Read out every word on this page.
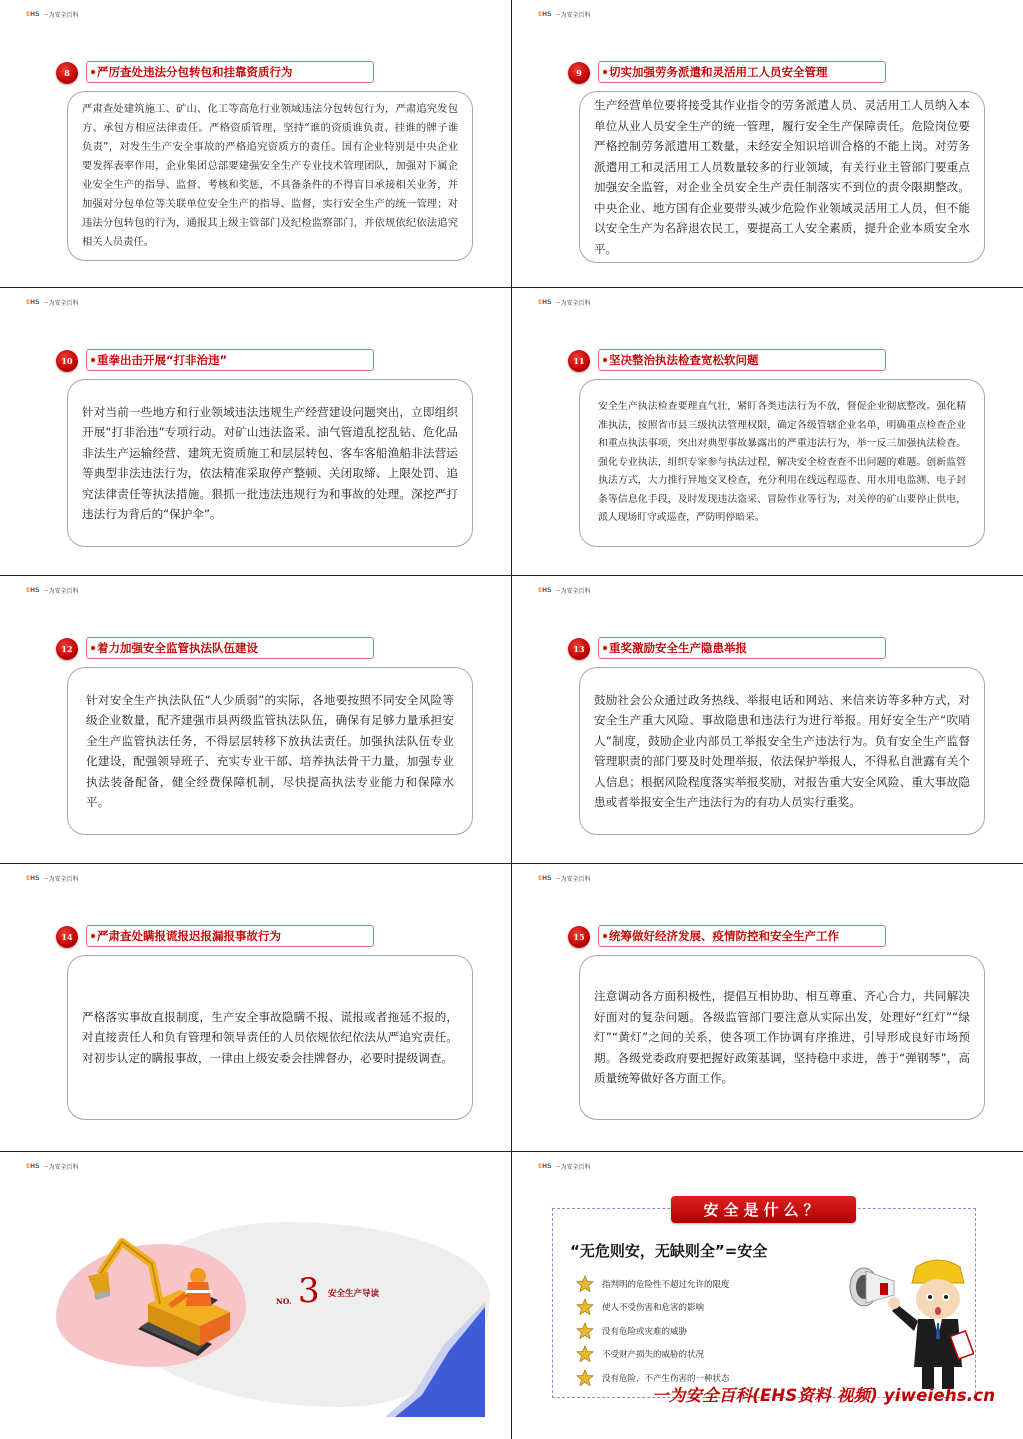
EHS 一为安全百科
8	严厉查处违法分包转包和挂靠资质行为

严肃查处建筑施工、矿山、化工等高危行业领域违法分包转包行为，严肃追究发包方、承包方相应法律责任。严格资质管理，坚持“谁的资质谁负责、挂谁的牌子谁负责”，对发生生产安全事故的严格追究资质方的责任。国有企业特别是中央企业要发挥表率作用，企业集团总部要建强安全生产专业技术管理团队，加强对下属企业安全生产的指导、监督、考核和奖惩，不具备条件的不得盲目承接相关业务，并加强对分包单位等关联单位安全生产的指导、监督，实行安全生产的统一管理；对违法分包转包的行为，通报其上级主管部门及纪检监察部门，并依规依纪依法追究相关人员责任。

EHS 一为安全百科
9	切实加强劳务派遣和灵活用工人员安全管理

生产经营单位要将接受其作业指令的劳务派遣人员、灵活用工人员纳入本单位从业人员安全生产的统一管理，履行安全生产保障责任。危险岗位要严格控制劳务派遣用工数量，未经安全知识培训合格的不能上岗。对劳务派遣用工和灵活用工人员数量较多的行业领域，有关行业主管部门要重点加强安全监管，对企业全员安全生产责任制落实不到位的责令限期整改。中央企业、地方国有企业要带头减少危险作业领域灵活用工人员，但不能以安全生产为名辞退农民工，要提高工人安全素质，提升企业本质安全水平。

EHS 一为安全百科
10	重拳出击开展“打非治违”

针对当前一些地方和行业领域违法违规生产经营建设问题突出，立即组织开展“打非治违”专项行动。对矿山违法盗采、油气管道乱挖乱钻、危化品非法生产运输经营、建筑无资质施工和层层转包、客车客船渔船非法营运等典型非法违法行为，依法精准采取停产整顿、关闭取缔、上限处罚、追究法律责任等执法措施。狠抓一批违法违规行为和事故的处理。深挖严打违法行为背后的“保护伞”。

EHS 一为安全百科
11	坚决整治执法检查宽松软问题

安全生产执法检查要理直气壮，紧盯各类违法行为不放，督促企业彻底整改。强化精准执法，按照省市县三级执法管理权限，确定各级管辖企业名单，明确重点检查企业和重点执法事项，突出对典型事故暴露出的严重违法行为，举一反三加强执法检查。强化专业执法，组织专家参与执法过程，解决安全检查查不出问题的难题。创新监管执法方式，大力推行异地交叉检查，充分利用在线远程巡查、用水用电监测、电子封条等信息化手段，及时发现违法盗采、冒险作业等行为，对关停的矿山要停止供电，派人现场盯守或巡查，严防明停暗采。

EHS 一为安全百科
12	着力加强安全监管执法队伍建设

针对安全生产执法队伍“人少质弱”的实际，各地要按照不同安全风险等级企业数量，配齐建强市县两级监管执法队伍，确保有足够力量承担安全生产监管执法任务，不得层层转移下放执法责任。加强执法队伍专业化建设，配强领导班子、充实专业干部、培养执法骨干力量，加强专业执法装备配备，健全经费保障机制，尽快提高执法专业能力和保障水平。

EHS 一为安全百科
13	重奖激励安全生产隐患举报

鼓励社会公众通过政务热线、举报电话和网站、来信来访等多种方式，对安全生产重大风险、事故隐患和违法行为进行举报。用好安全生产“吹哨人”制度，鼓励企业内部员工举报安全生产违法行为。负有安全生产监督管理职责的部门要及时处理举报，依法保护举报人，不得私自泄露有关个人信息；根据风险程度落实举报奖励，对报告重大安全风险、重大事故隐患或者举报安全生产违法行为的有功人员实行重奖。

EHS 一为安全百科
14	严肃查处瞒报谎报迟报漏报事故行为

严格落实事故直报制度，生产安全事故隐瞒不报、谎报或者拖延不报的，对直接责任人和负有管理和领导责任的人员依规依纪依法从严追究责任。对初步认定的瞒报事故，一律由上级安委会挂牌督办，必要时提级调查。

EHS 一为安全百科
15	统筹做好经济发展、疫情防控和安全生产工作

注意调动各方面积极性，提倡互相协助、相互尊重、齐心合力，共同解决好面对的复杂问题。各级监管部门要注意从实际出发，处理好“红灯”“绿灯”“黄灯”之间的关系，使各项工作协调有序推进，引导形成良好市场预期。各级党委政府要把握好政策基调，坚持稳中求进，善于“弹钢琴”，高质量统筹做好各方面工作。

EHS 一为安全百科
NO. 3 安全生产导读
EHS 一为安全百科
安全是什么？
“无危则安，无缺则全”=安全
指判明的危险性不超过允许的限度
使人不受伤害和危害的影响
没有危险或灾难的威胁
不受财产损失的威胁的状况
没有危险，不产生伤害的一种状态
一为安全百科(EHS资料 视频) yiweiehs.cn
